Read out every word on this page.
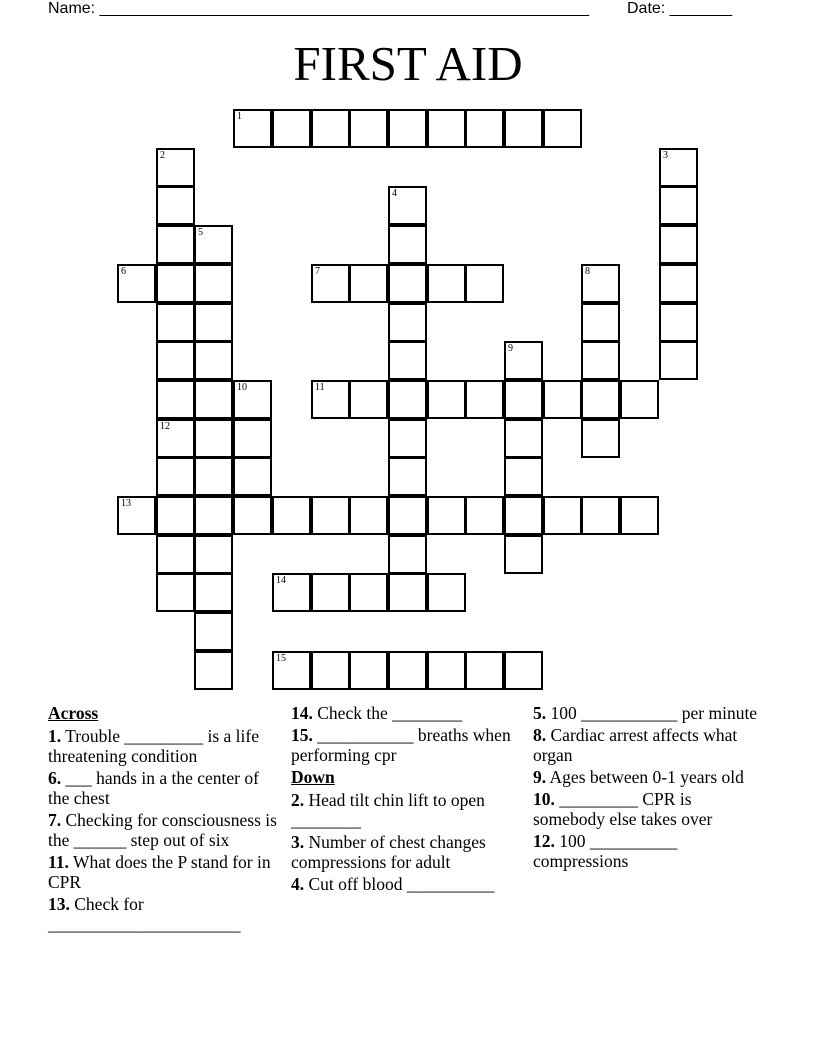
Name: _______________________________________________________ Date: _______
FIRST AID
1
6	7
11
13
14
15
2
12
3
4
5
8
9
10
Across
1. Trouble _________ is a life threatening condition
6. ___ hands in a the center of the chest
7. Checking for consciousness is the ______ step out of six
11. What does the P stand for in CPR
13. Check for ______________________
14. Check the ________
15. ___________ breaths when performing cpr
Down
2. Head tilt chin lift to open ________
3. Number of chest changes compressions for adult
4. Cut off blood __________
5. 100 ___________ per minute
8. Cardiac arrest affects what organ
9. Ages between 0-1 years old
10. _________ CPR is somebody else takes over
12. 100 __________ compressions
